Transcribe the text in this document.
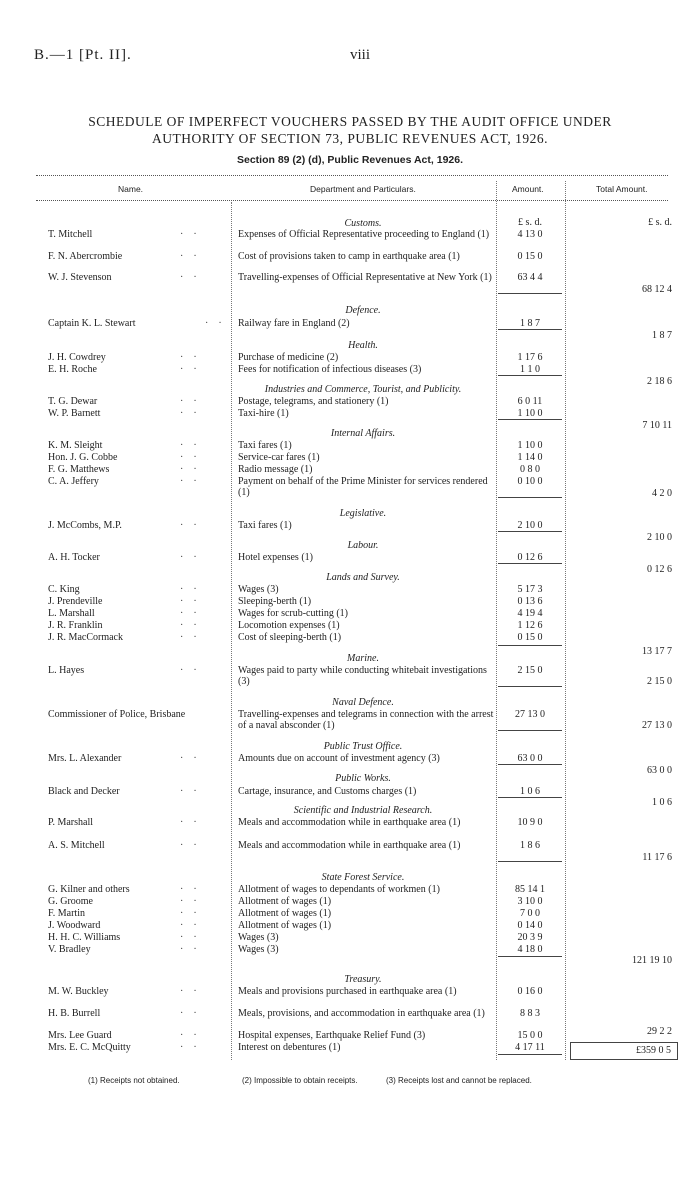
B.—1 [Pt. II].	viii
SCHEDULE OF IMPERFECT VOUCHERS PASSED BY THE AUDIT OFFICE UNDER
AUTHORITY OF SECTION 73, PUBLIC REVENUES ACT, 1926.
Section 89 (2) (d), Public Revenues Act, 1926.
Name.	Department and Particulars.	Amount.	Total Amount.
£ s. d.	£ s. d.
Customs.
T. Mitchell	··	Expenses of Official Representative proceeding to England (1)	4 13 0
F. N. Abercrombie	··	Cost of provisions taken to camp in earthquake area (1)	0 15 0
W. J. Stevenson	··	Travelling-expenses of Official Representative at New York (1)	63 4 4
68 12 4
Defence.
Captain K. L. Stewart	·· Railway fare in England (2)	1 8 7
1 8 7
Health.
J. H. Cowdrey	··	Purchase of medicine (2)	1 17 6
E. H. Roche	··	Fees for notification of infectious diseases (3)	1 1 0
2 18 6
Industries and Commerce, Tourist, and Publicity.
T. G. Dewar	··	Postage, telegrams, and stationery (1)	6 0 11
W. P. Barnett	··	Taxi-hire (1)	1 10 0
7 10 11
Internal Affairs.
K. M. Sleight	··	Taxi fares (1)	1 10 0
Hon. J. G. Cobbe	··	Service-car fares (1)	1 14 0
F. G. Matthews	··	Radio message (1)	0 8 0
C. A. Jeffery	··	Payment on behalf of the Prime Minister for services rendered (1)
0 10 0
4 2 0
Legislative.
J. McCombs, M.P.	··	Taxi fares (1)	2 10 0
2 10 0
Labour.
A. H. Tocker	··	Hotel expenses (1)	0 12 6
0 12 6
Lands and Survey.
C. King	··	Wages (3)	5 17 3
J. Prendeville	··	Sleeping-berth (1)	0 13 6
L. Marshall	··	Wages for scrub-cutting (1)	4 19 4
J. R. Franklin	··	Locomotion expenses (1)	1 12 6
J. R. MacCormack	··	Cost of sleeping-berth (1)	0 15 0
13 17 7
Marine.
L. Hayes	··	Wages paid to party while conducting whitebait investigations (3)
2 15 0
2 15 0
Naval Defence.
Commissioner of Police, Brisbane	Travelling-expenses and telegrams in connection with the arrest of a naval absconder (1)
27 13 0
27 13 0
Public Trust Office.
Mrs. L. Alexander	··	Amounts due on account of investment agency (3)	63 0 0
63 0 0
Public Works.
Black and Decker	··	Cartage, insurance, and Customs charges (1)	1 0 6
1 0 6
Scientific and Industrial Research.
P. Marshall	··	Meals and accommodation while in earthquake area (1)	10 9 0
A. S. Mitchell	··	Meals and accommodation while in earthquake area (1)	1 8 6
11 17 6
State Forest Service.
G. Kilner and others	··	Allotment of wages to dependants of workmen (1)	85 14 1
G. Groome	··	Allotment of wages (1)	3 10 0
F. Martin	··	Allotment of wages (1)	7 0 0
J. Woodward	··	Allotment of wages (1)	0 14 0
H. H. C. Williams	··	Wages (3)	20 3 9
V. Bradley	··	Wages (3)	4 18 0
121 19 10
Treasury.
M. W. Buckley	··	Meals and provisions purchased in earthquake area (1)	0 16 0
H. B. Burrell	··	Meals, provisions, and accommodation in earthquake area (1)	8 8 3
Mrs. Lee Guard	··	Hospital expenses, Earthquake Relief Fund (3)	15 0 0
Mrs. E. C. McQuitty	··	Interest on debentures (1)	4 17 11
29 2 2
£359 0 5
(1) Receipts not obtained.	(2) Impossible to obtain receipts.	(3) Receipts lost and cannot be replaced.
